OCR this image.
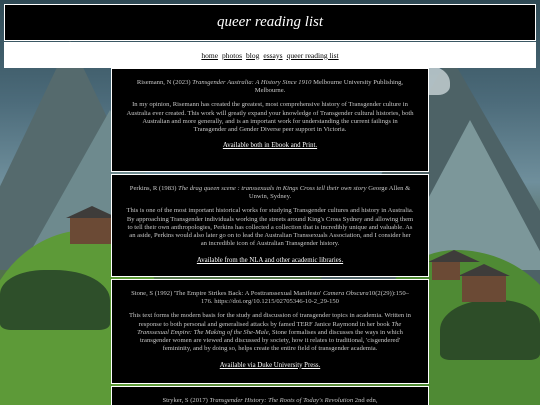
queer reading list
home photos blog essays queer reading list

Risemann, N (2023) Transgender Australia: A History Since 1910 Melbourne University Publishing, Melbourne.

In my opinion, Risemann has created the greatest, most comprehensive history of Transgender culture in Australia ever created. This work will greatly expand your knowledge of Transgender cultural histories, both Australian and more generally, and is an important work for understanding the current failings in Transgender and Gender Diverse peer support in Victoria.

Available both in Ebook and Print.

Perkins, R (1983) The drag queen scene : transsexuals in Kings Cross tell their own story George Allen & Unwin, Sydney.

This is one of the most important historical works for studying Transgender cultures and history in Australia. By approaching Transgender individuals working the streets around King's Cross Sydney and allowing them to tell their own anthropologies, Perkins has collected a collection that is incredibly unique and valuable. As an aside, Perkins would also later go on to lead the Australian Transsexuals Association, and I consider her an incredible icon of Australian Transgender history.

Available from the NLA and other academic libraries.

Stone, S (1992) 'The Empire Strikes Back: A Posttranssexual Manifesto' Camera Obscura10(2(29)):150–176. https://doi.org/10.1215/02705346-10-2_29-150

This text forms the modern basis for the study and discussion of transgender topics in academia. Written in response to both personal and generalised attacks by famed TERF Janice Raymond in her book The Transsexual Empire: The Making of the She-Male, Stone formalises and discusses the ways in which transgender women are viewed and discussed by society, how it relates to traditional, 'cisgendered' femininity, and by doing so, helps create the entire field of transgender academia.

Available via Duke University Press.

Stryker, S (2017) Transgender History: The Roots of Today's Revolution 2nd edn,
